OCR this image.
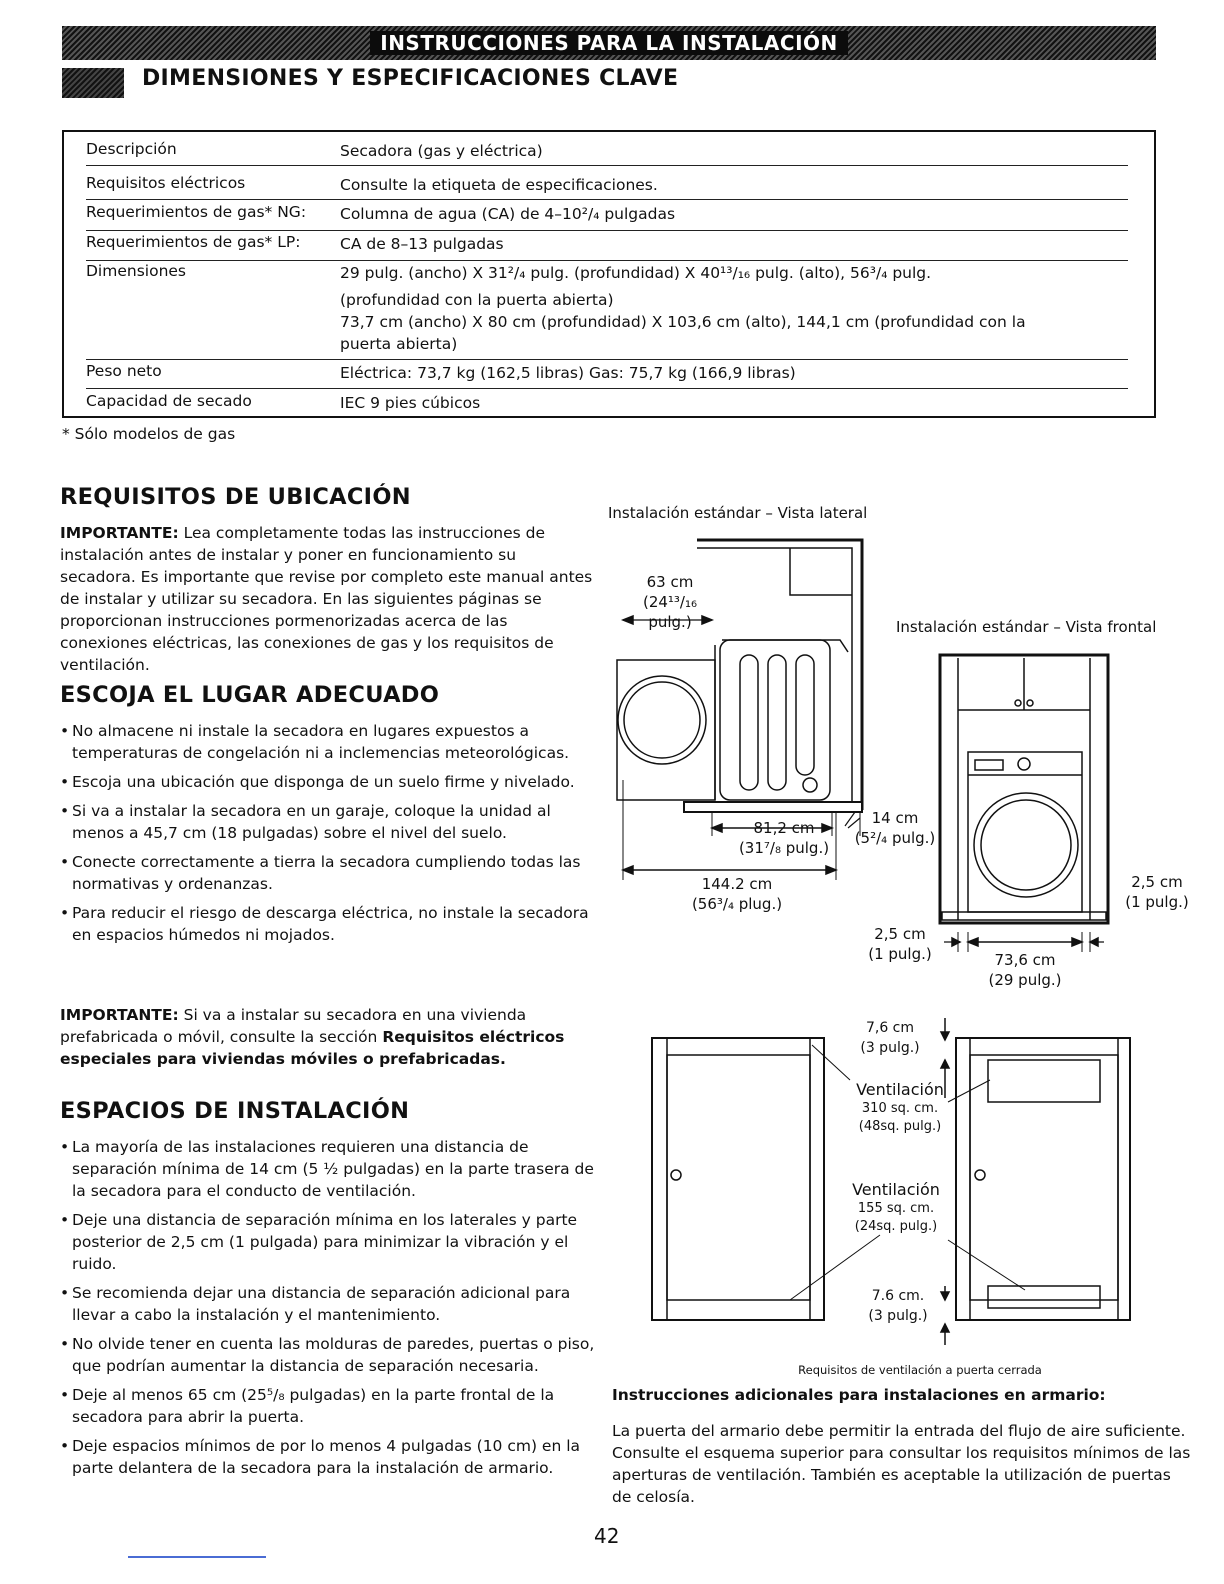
INSTRUCCIONES PARA LA INSTALACIÓN
DIMENSIONES Y ESPECIFICACIONES CLAVE
Descripción	Secadora (gas y eléctrica)
Requisitos eléctricos	Consulte la etiqueta de especificaciones.
Requerimientos de gas* NG: Columna de agua (CA) de 4–10²/₄ pulgadas
Requerimientos de gas* LP:	CA de 8–13 pulgadas
Dimensiones	29 pulg. (ancho) X 31²/₄ pulg. (profundidad) X 40¹³/₁₆ pulg. (alto), 56³/₄ pulg.
(profundidad con la puerta abierta)
73,7 cm (ancho) X 80 cm (profundidad) X 103,6 cm (alto), 144,1 cm (profundidad con la
puerta abierta)
Peso neto	Eléctrica: 73,7 kg (162,5 libras) Gas: 75,7 kg (166,9 libras)
Capacidad de secado	IEC 9 pies cúbicos
* Sólo modelos de gas
REQUISITOS DE UBICACIÓN
IMPORTANTE: Lea completamente todas las instrucciones de instalación antes de instalar y poner en funcionamiento su secadora. Es importante que revise por completo este manual antes de instalar y utilizar su secadora. En las siguientes páginas se proporcionan instrucciones pormenorizadas acerca de las conexiones eléctricas, las conexiones de gas y los requisitos de ventilación.
ESCOJA EL LUGAR ADECUADO
• No almacene ni instale la secadora en lugares expuestos a temperaturas de congelación ni a inclemencias meteorológicas.
• Escoja una ubicación que disponga de un suelo firme y nivelado.
• Si va a instalar la secadora en un garaje, coloque la unidad al menos a 45,7 cm (18 pulgadas) sobre el nivel del suelo.
• Conecte correctamente a tierra la secadora cumpliendo todas las normativas y ordenanzas.
• Para reducir el riesgo de descarga eléctrica, no instale la secadora en espacios húmedos ni mojados.
IMPORTANTE: Si va a instalar su secadora en una vivienda prefabricada o móvil, consulte la sección Requisitos eléctricos especiales para viviendas móviles o prefabricadas.
ESPACIOS DE INSTALACIÓN
• La mayoría de las instalaciones requieren una distancia de separación mínima de 14 cm (5 ½ pulgadas) en la parte trasera de la secadora para el conducto de ventilación.
• Deje una distancia de separación mínima en los laterales y parte posterior de 2,5 cm (1 pulgada) para minimizar la vibración y el ruido.
• Se recomienda dejar una distancia de separación adicional para llevar a cabo la instalación y el mantenimiento.
• No olvide tener en cuenta las molduras de paredes, puertas o piso, que podrían aumentar la distancia de separación necesaria.
• Deje al menos 65 cm (25⁵/₈ pulgadas) en la parte frontal de la secadora para abrir la puerta.
• Deje espacios mínimos de por lo menos 4 pulgadas (10 cm) en la parte delantera de la secadora para la instalación de armario.
Instalación estándar – Vista lateral
Instalación estándar – Vista frontal
63 cm
(24¹³/₁₆ pulg.)
81,2 cm
(31⁷/₈ pulg.)
144.2 cm
(56³/₄ plug.)
14 cm
(5²/₄ pulg.)
2,5 cm
(1 pulg.)
2,5 cm
(1 pulg.)	73,6 cm
(29 pulg.)
7,6 cm
(3 pulg.)
Ventilación
310 sq. cm.
(48sq. pulg.)
Ventilación
155 sq. cm.
(24sq. pulg.)
7.6 cm.
(3 pulg.)
Requisitos de ventilación a puerta cerrada
Instrucciones adicionales para instalaciones en armario:
La puerta del armario debe permitir la entrada del flujo de aire suficiente. Consulte el esquema superior para consultar los requisitos mínimos de las aperturas de ventilación. También es aceptable la utilización de puertas de celosía.
42
